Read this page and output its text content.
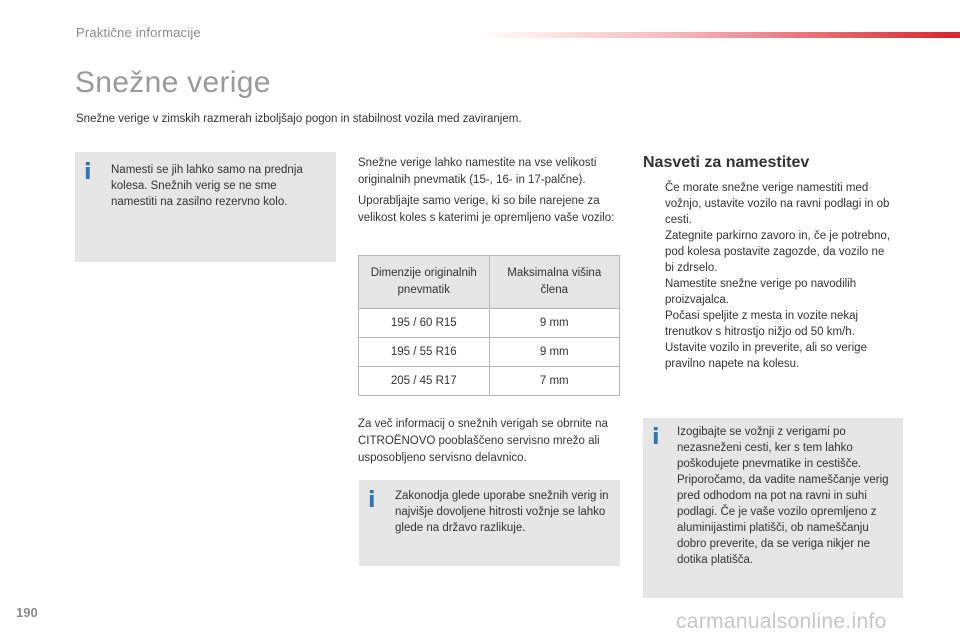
Praktične informacije
Snežne verige
Snežne verige v zimskih razmerah izboljšajo pogon in stabilnost vozila med zaviranjem.
i Namesti se jih lahko samo na prednja kolesa. Snežnih verig se ne sme namestiti na zasilno rezervno kolo.
Snežne verige lahko namestite na vse velikosti originalnih pnevmatik (15-, 16- in 17-palčne).
Uporabljajte samo verige, ki so bile narejene za velikost koles s katerimi je opremljeno vaše vozilo:
Dimenzije originalnih pnevmatik	Maksimalna višina člena
195 / 60 R15	9 mm
195 / 55 R16	9 mm
205 / 45 R17	7 mm
Za več informacij o snežnih verigah se obrnite na CITROËNOVO pooblaščeno servisno mrežo ali usposobljeno servisno delavnico.
i Zakonodja glede uporabe snežnih verig in najvišje dovoljene hitrosti vožnje se lahko glede na državo razlikuje.
Nasveti za namestitev
Če morate snežne verige namestiti med vožnjo, ustavite vozilo na ravni podlagi in ob cesti.
Zategnite parkirno zavoro in, če je potrebno, pod kolesa postavite zagozde, da vozilo ne bi zdrselo.
Namestite snežne verige po navodilih proizvajalca.
Počasi speljite z mesta in vozite nekaj trenutkov s hitrostjo nižjo od 50 km/h.
Ustavite vozilo in preverite, ali so verige pravilno napete na kolesu.
i Izogibajte se vožnji z verigami po nezasneženi cesti, ker s tem lahko poškodujete pnevmatike in cestišče. Priporočamo, da vadite nameščanje verig pred odhodom na pot na ravni in suhi podlagi. Če je vaše vozilo opremljeno z aluminijastimi platišči, ob nameščanju dobro preverite, da se veriga nikjer ne dotika platišča.
190	carmanualsonline.info
